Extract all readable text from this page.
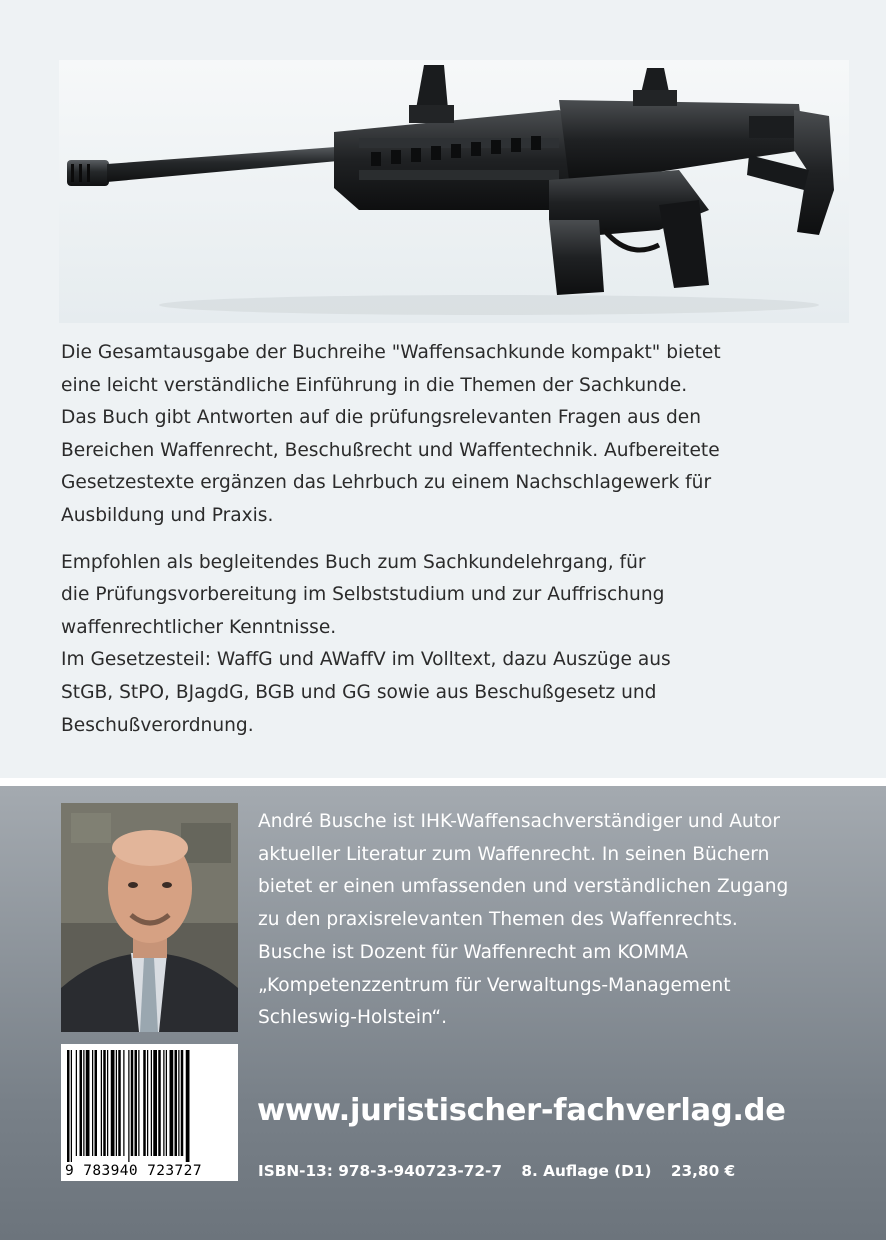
Die Gesamtausgabe der Buchreihe "Waffensachkunde kompakt" bietet
eine leicht verständliche Einführung in die Themen der Sachkunde.
Das Buch gibt Antworten auf die prüfungsrelevanten Fragen aus den
Bereichen Waffenrecht, Beschußrecht und Waffentechnik. Aufbereitete
Gesetzestexte ergänzen das Lehrbuch zu einem Nachschlagewerk für
Ausbildung und Praxis.

Empfohlen als begleitendes Buch zum Sachkundelehrgang, für
die Prüfungsvorbereitung im Selbststudium und zur Auffrischung
waffenrechtlicher Kenntnisse.
Im Gesetzesteil: WaffG und AWaffV im Volltext, dazu Auszüge aus
StGB, StPO, BJagdG, BGB und GG sowie aus Beschußgesetz und
Beschußverordnung.

André Busche ist IHK-Waffensachverständiger und Autor
aktueller Literatur zum Waffenrecht. In seinen Büchern
bietet er einen umfassenden und verständlichen Zugang
zu den praxisrelevanten Themen des Waffenrechts.
Busche ist Dozent für Waffenrecht am KOMMA
„Kompetenzzentrum für Verwaltungs-Management
Schleswig-Holstein“.
9 783940 723727
www.juristischer-fachverlag.de
ISBN-13: 978-3-940723-72-7 8. Auflage (D1) 23,80 €
